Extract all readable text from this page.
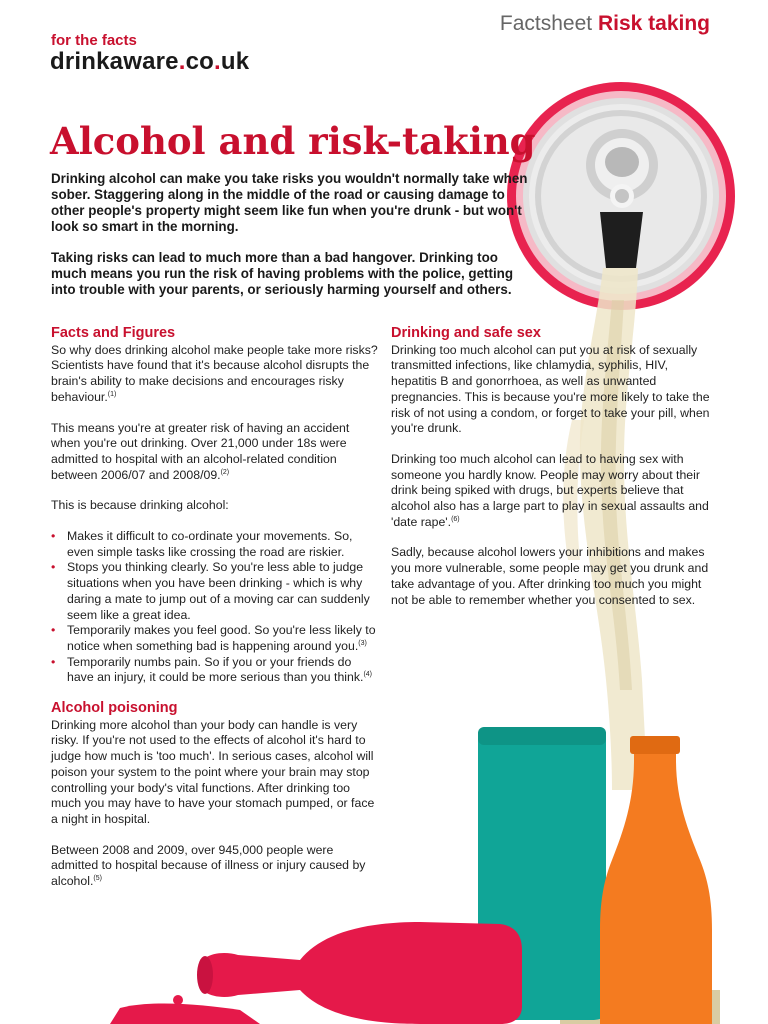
Factsheet Risk taking
for the facts
drinkaware.co.uk
Alcohol and risk-taking

Drinking alcohol can make you take risks you wouldn't normally take when sober. Staggering along in the middle of the road or causing damage to other people's property might seem like fun when you're drunk - but won't look so smart in the morning.

Taking risks can lead to much more than a bad hangover. Drinking too much means you run the risk of having problems with the police, getting into trouble with your parents, or seriously harming yourself and others.

Facts and Figures

So why does drinking alcohol make people take more risks? Scientists have found that it's because alcohol disrupts the brain's ability to make decisions and encourages risky behaviour.$^{(1)}$

This means you're at greater risk of having an accident when you're out drinking. Over 21,000 under 18s were admitted to hospital with an alcohol-related condition between 2006/07 and 2008/09.$^{(2)}$

This is because drinking alcohol:

• Makes it difficult to co-ordinate your movements. So, even simple tasks like crossing the road are riskier.
• Stops you thinking clearly. So you're less able to judge situations when you have been drinking - which is why daring a mate to jump out of a moving car can suddenly seem like a great idea.
• Temporarily makes you feel good. So you're less likely to notice when something bad is happening around you.$^{(3)}$
• Temporarily numbs pain. So if you or your friends do have an injury, it could be more serious than you think.$^{(4)}$
Alcohol poisoning

Drinking more alcohol than your body can handle is very risky. If you're not used to the effects of alcohol it's hard to judge how much is 'too much'. In serious cases, alcohol will poison your system to the point where your brain may stop controlling your body's vital functions. After drinking too much you may have to have your stomach pumped, or face a night in hospital.

Between 2008 and 2009, over 945,000 people were admitted to hospital because of illness or injury caused by alcohol.$^{(5)}$

Drinking and safe sex

Drinking too much alcohol can put you at risk of sexually transmitted infections, like chlamydia, syphilis, HIV, hepatitis B and gonorrhoea, as well as unwanted pregnancies. This is because you're more likely to take the risk of not using a condom, or forget to take your pill, when you're drunk.

Drinking too much alcohol can lead to having sex with someone you hardly know. People may worry about their drink being spiked with drugs, but experts believe that alcohol also has a large part to play in sexual assaults and 'date rape'.$^{(6)}$

Sadly, because alcohol lowers your inhibitions and makes you more vulnerable, some people may get you drunk and take advantage of you. After drinking too much you might not be able to remember whether you consented to sex.
